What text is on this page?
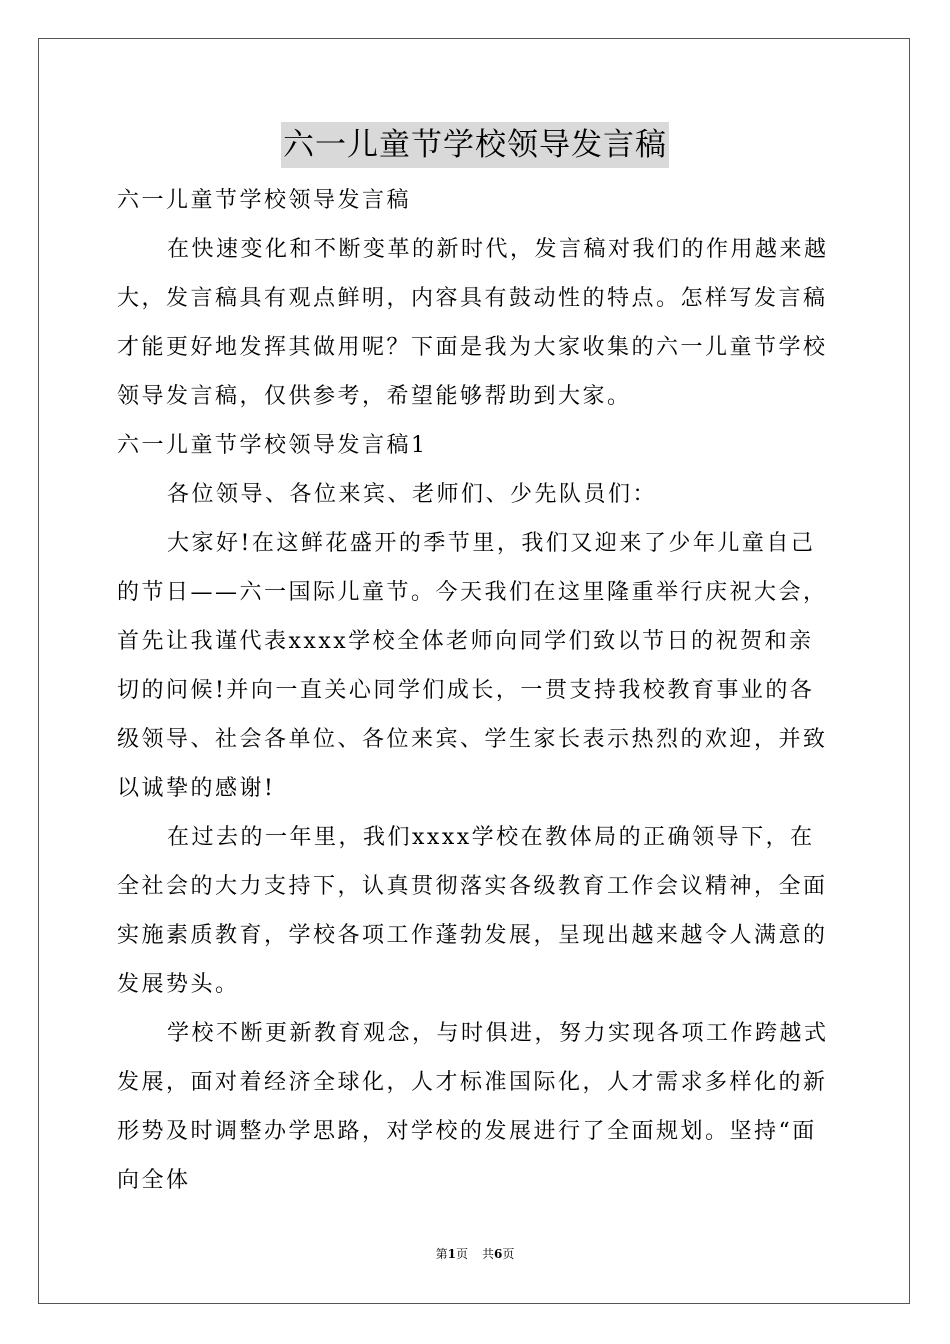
六一儿童节学校领导发言稿

六一儿童节学校领导发言稿

在快速变化和不断变革的新时代，发言稿对我们的作用越来越大，发言稿具有观点鲜明，内容具有鼓动性的特点。怎样写发言稿才能更好地发挥其做用呢？下面是我为大家收集的六一儿童节学校领导发言稿，仅供参考，希望能够帮助到大家。

六一儿童节学校领导发言稿1

各位领导、各位来宾、老师们、少先队员们：

大家好!在这鲜花盛开的季节里，我们又迎来了少年儿童自己的节日——六一国际儿童节。今天我们在这里隆重举行庆祝大会，首先让我谨代表xxxx学校全体老师向同学们致以节日的祝贺和亲切的问候!并向一直关心同学们成长，一贯支持我校教育事业的各级领导、社会各单位、各位来宾、学生家长表示热烈的欢迎，并致以诚挚的感谢!

在过去的一年里，我们xxxx学校在教体局的正确领导下，在全社会的大力支持下，认真贯彻落实各级教育工作会议精神，全面实施素质教育，学校各项工作蓬勃发展，呈现出越来越令人满意的发展势头。

学校不断更新教育观念，与时俱进，努力实现各项工作跨越式发展，面对着经济全球化，人才标准国际化，人才需求多样化的新形势及时调整办学思路，对学校的发展进行了全面规划。坚持“面向全体

第1页 共6页
